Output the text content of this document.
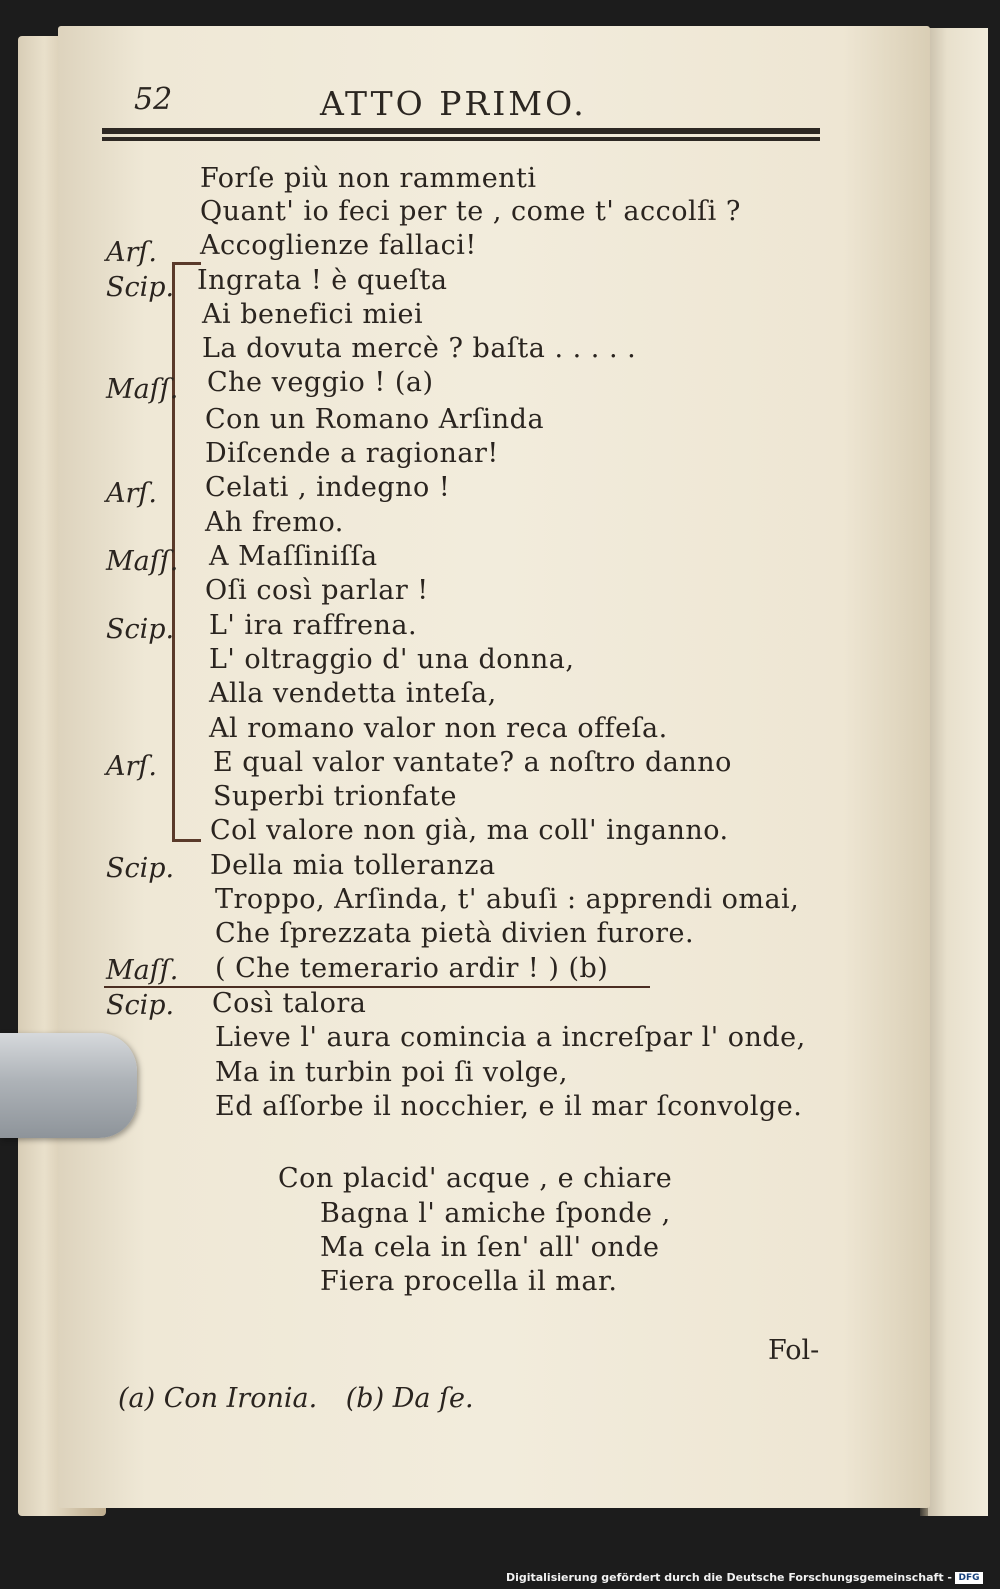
52	ATTO PRIMO.
Arſ.
Scip.
Maſſ.
Arſ.
Maſſ.
Scip.
Arſ.
Scip.
Maſſ.
Scip.
Forſe più non rammenti
Quant' io feci per te , come t' accolſi ?
Accoglienze fallaci!
Ingrata ! è queſta
Ai benefici miei
La dovuta mercè ? baſta . . . . .
Che veggio ! (a)
Con un Romano Arſinda
Diſcende a ragionar!
Celati , indegno !
Ah fremo.
A Maſſiniſſa
Oſi così parlar !
L' ira raffrena.
L' oltraggio d' una donna,
Alla vendetta inteſa,
Al romano valor non reca offeſa.
E qual valor vantate? a noſtro danno
Superbi trionfate
Col valore non già, ma coll' inganno.
Della mia tolleranza
Troppo, Arſinda, t' abuſi : apprendi omai,
Che ſprezzata pietà divien furore.
( Che temerario ardir ! ) (b)
Così talora
Lieve l' aura comincia a increſpar l' onde,
Ma in turbin poi ſi volge,
Ed aſſorbe il nocchier, e il mar ſconvolge.
Con placid' acque , e chiare
Bagna l' amiche ſponde ,
Ma cela in ſen' all' onde
Fiera procella il mar.
Fol-
(a) Con Ironia. (b) Da ſe.
Digitalisierung gefördert durch die Deutsche Forschungsgemeinschaft - DFG
